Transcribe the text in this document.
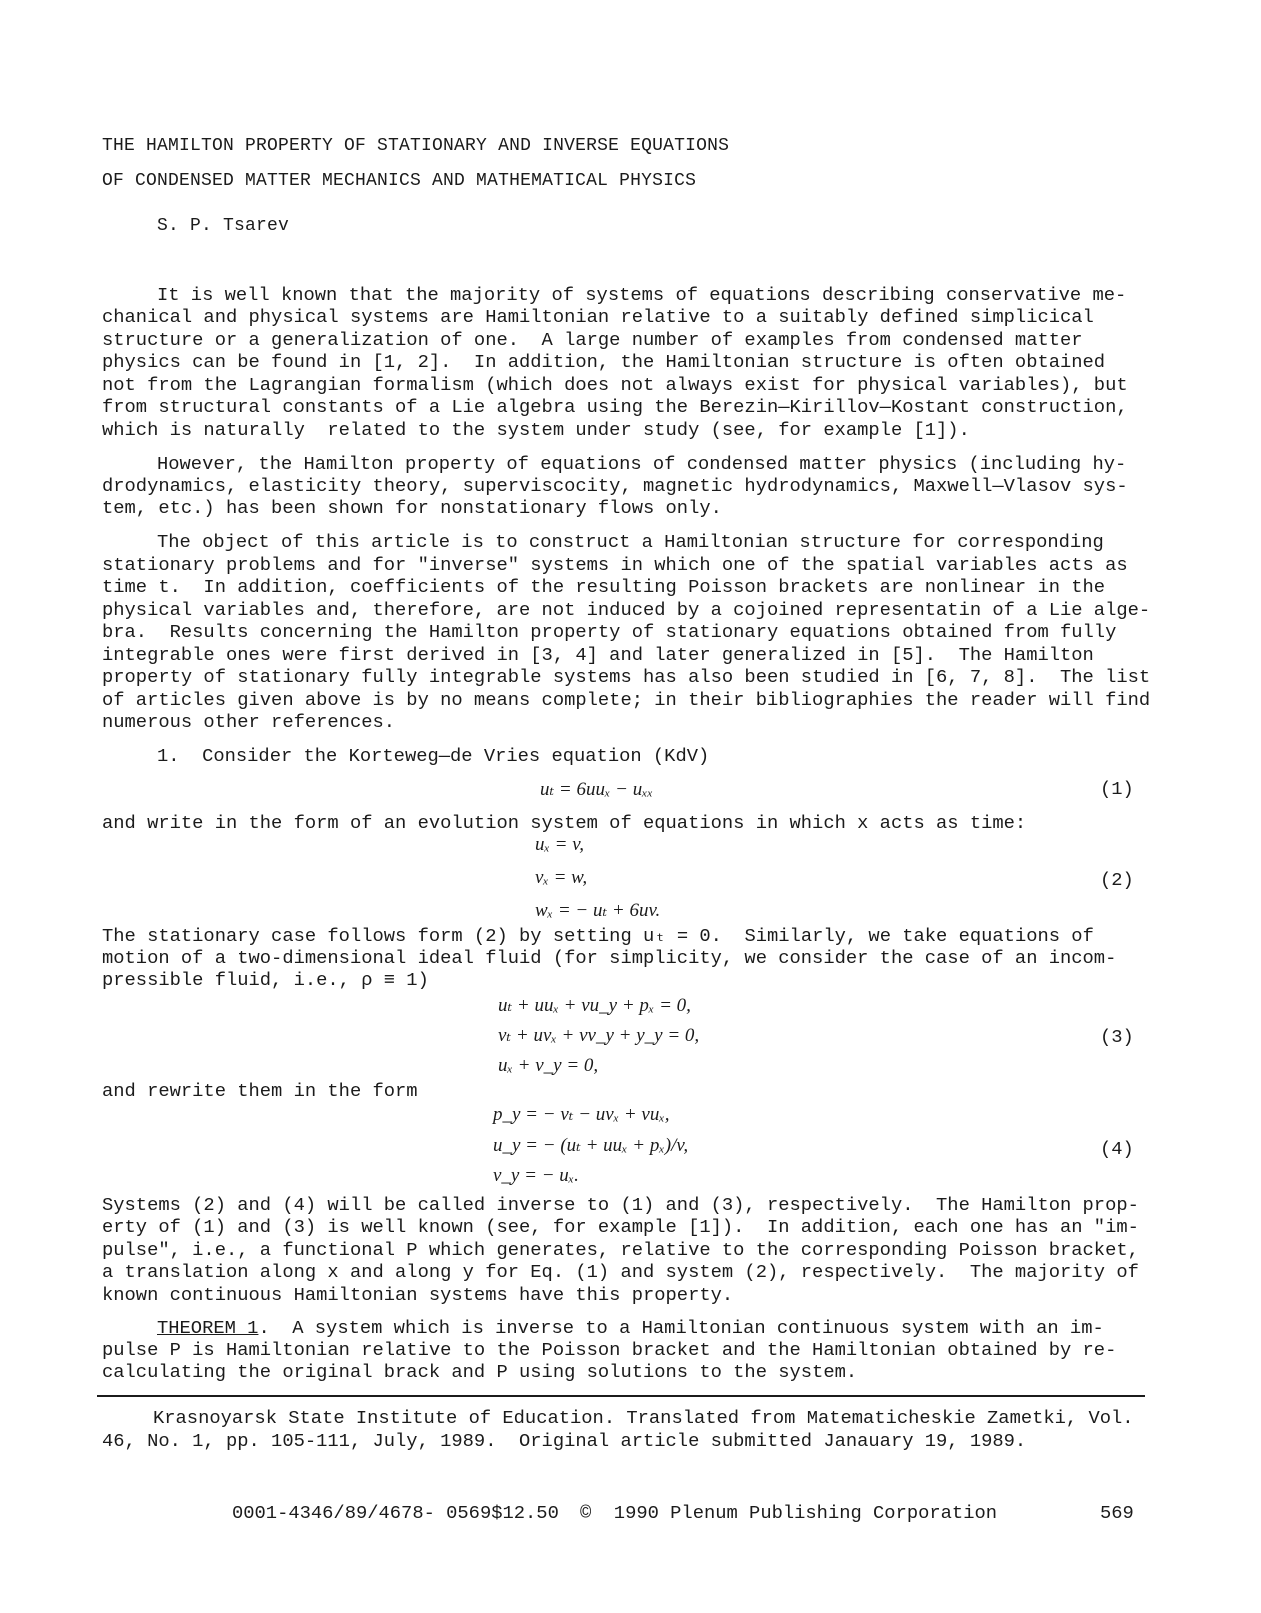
THE HAMILTON PROPERTY OF STATIONARY AND INVERSE EQUATIONS
OF CONDENSED MATTER MECHANICS AND MATHEMATICAL PHYSICS
S. P. Tsarev
It is well known that the majority of systems of equations describing conservative me-
chanical and physical systems are Hamiltonian relative to a suitably defined simplicical
structure or a generalization of one.  A large number of examples from condensed matter
physics can be found in [1, 2].  In addition, the Hamiltonian structure is often obtained
not from the Lagrangian formalism (which does not always exist for physical variables), but
from structural constants of a Lie algebra using the Berezin—Kirillov—Kostant construction,
which is naturally  related to the system under study (see, for example [1]).
However, the Hamilton property of equations of condensed matter physics (including hy-
drodynamics, elasticity theory, superviscocity, magnetic hydrodynamics, Maxwell—Vlasov sys-
tem, etc.) has been shown for nonstationary flows only.
The object of this article is to construct a Hamiltonian structure for corresponding
stationary problems and for "inverse" systems in which one of the spatial variables acts as
time t.  In addition, coefficients of the resulting Poisson brackets are nonlinear in the
physical variables and, therefore, are not induced by a cojoined representatin of a Lie alge-
bra.  Results concerning the Hamilton property of stationary equations obtained from fully
integrable ones were first derived in [3, 4] and later generalized in [5].  The Hamilton
property of stationary fully integrable systems has also been studied in [6, 7, 8].  The list
of articles given above is by no means complete; in their bibliographies the reader will find
numerous other references.
1.  Consider the Korteweg—de Vries equation (KdV)
uₜ = 6uuₓ − uₓₓ	(1)
and write in the form of an evolution system of equations in which x acts as time:
uₓ = v,
vₓ = w,
wₓ = − uₜ + 6uv.
(2)
The stationary case follows form (2) by setting uₜ = 0.  Similarly, we take equations of
motion of a two-dimensional ideal fluid (for simplicity, we consider the case of an incom-
pressible fluid, i.e., ρ ≡ 1)
uₜ + uuₓ + vu_y + pₓ = 0,
vₜ + uvₓ + vv_y + y_y = 0,
uₓ + v_y = 0,
(3)
and rewrite them in the form
p_y = − vₜ − uvₓ + vuₓ,
u_y = − (uₜ + uuₓ + pₓ)/v,
v_y = − uₓ.
(4)
Systems (2) and (4) will be called inverse to (1) and (3), respectively.  The Hamilton prop-
erty of (1) and (3) is well known (see, for example [1]).  In addition, each one has an "im-
pulse", i.e., a functional P which generates, relative to the corresponding Poisson bracket,
a translation along x and along y for Eq. (1) and system (2), respectively.  The majority of
known continuous Hamiltonian systems have this property.
THEOREM 1.  A system which is inverse to a Hamiltonian continuous system with an im-
pulse P is Hamiltonian relative to the Poisson bracket and the Hamiltonian obtained by re-
calculating the original brack and P using solutions to the system.
Krasnoyarsk State Institute of Education. Translated from Matematicheskie Zametki, Vol.
46, No. 1, pp. 105-111, July, 1989.  Original article submitted Janauary 19, 1989.
0001-4346/89/4678- 0569$12.50 ©  1990 Plenum Publishing Corporation	569
